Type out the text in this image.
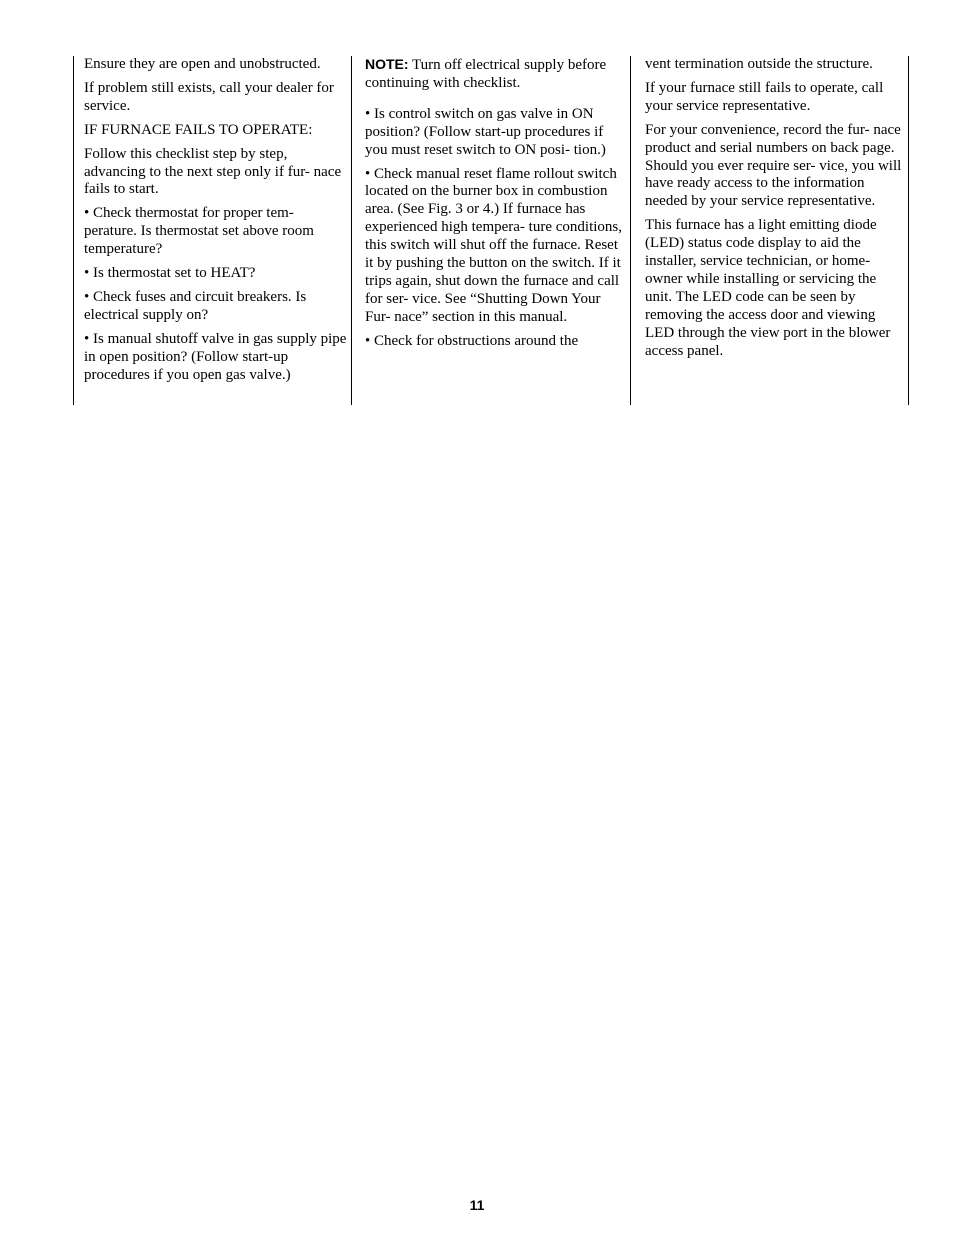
Ensure they are open and unobstructed.

If problem still exists, call your dealer for service.

IF FURNACE FAILS TO OPERATE:

Follow this checklist step by step, advancing to the next step only if fur- nace fails to start.

• Check thermostat for proper tem- perature. Is thermostat set above room temperature?

• Is thermostat set to HEAT?

• Check fuses and circuit breakers. Is electrical supply on?

• Is manual shutoff valve in gas supply pipe in open position? (Follow start-up procedures if you open gas valve.)

NOTE: Turn off electrical supply before continuing with checklist.

• Is control switch on gas valve in ON position? (Follow start-up procedures if you must reset switch to ON posi- tion.)

• Check manual reset flame rollout switch located on the burner box in combustion area. (See Fig. 3 or 4.) If furnace has experienced high tempera- ture conditions, this switch will shut off the furnace. Reset it by pushing the button on the switch. If it trips again, shut down the furnace and call for ser- vice. See “Shutting Down Your Fur- nace” section in this manual.

• Check for obstructions around the

vent termination outside the structure.

If your furnace still fails to operate, call your service representative.

For your convenience, record the fur- nace product and serial numbers on back page. Should you ever require ser- vice, you will have ready access to the information needed by your service representative.

This furnace has a light emitting diode (LED) status code display to aid the installer, service technician, or home- owner while installing or servicing the unit. The LED code can be seen by removing the access door and viewing LED through the view port in the blower access panel.

11
